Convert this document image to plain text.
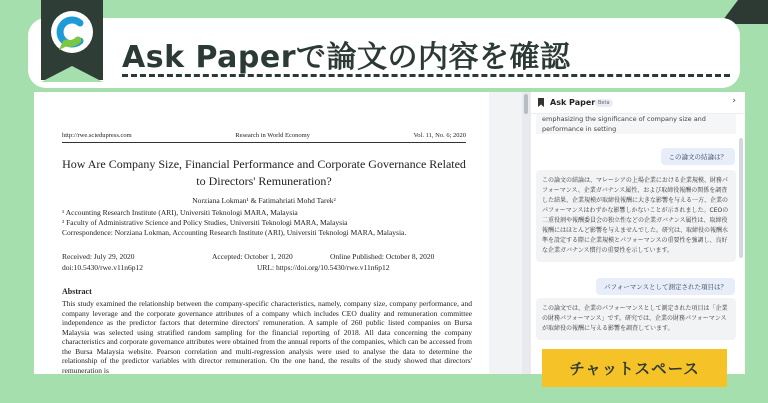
Ask Paperで論文の内容を確認
http://rwe.sciedupress.com	Research in World Economy	Vol. 11, No. 6; 2020
How Are Company Size, Financial Performance and Corporate Governance Related to Directors' Remuneration?
Norziana Lokman¹ & Fatimahriati Mohd Tarek²
¹ Accounting Research Institute (ARI), Universiti Teknologi MARA, Malaysia
² Faculty of Administrative Science and Policy Studies, Universiti Teknologi MARA, Malaysia
Correspondence: Norziana Lokman, Accounting Research Institute (ARI), Universiti Teknologi MARA, Malaysia.
Received: July 29, 2020	Accepted: October 1, 2020	Online Published: October 8, 2020
doi:10.5430/rwe.v11n6p12	URL: https://doi.org/10.5430/rwe.v11n6p12
Abstract
This study examined the relationship between the company-specific characteristics, namely, company size, company performance, and company leverage and the corporate governance attributes of a company which includes CEO duality and remuneration committee independence as the predictor factors that determine directors' remuneration. A sample of 260 public listed companies on Bursa Malaysia was selected using stratified random sampling for the financial reporting of 2018. All data concerning the company characteristics and corporate governance attributes were obtained from the annual reports of the companies, which can be accessed from the Bursa Malaysia website. Pearson correlation and multi-regression analysis were used to analyse the data to determine the relationship of the predictor variables with director remuneration. On the one hand, the results of the study showed that directors' remuneration is
Ask Paper Beta	›
emphasizing the significance of company size and
performance in setting
この論文の結論は？
この論文の結論は、マレーシアの上場企業における企業規模、財務パフォーマンス、企業ガバナンス属性、および取締役報酬の関係を調査した結果、企業規模が取締役報酬に大きな影響を与える一方、企業のパフォーマンスはわずかな影響しかないことが示されました。CEOの二重役割や報酬委員会の独立性などの企業ガバナンス属性は、取締役報酬にはほとんど影響を与えませんでした。研究は、取締役の報酬水準を設定する際に企業規模とパフォーマンスの重要性を強調し、良好な企業ガバナンス慣行の重要性を示しています。
パフォーマンスとして測定された項目は？
この論文では、企業のパフォーマンスとして測定された項目は「企業の財務パフォーマンス」です。研究では、企業の財務パフォーマンスが取締役の報酬に与える影響を調査しています。
チャットスペース
